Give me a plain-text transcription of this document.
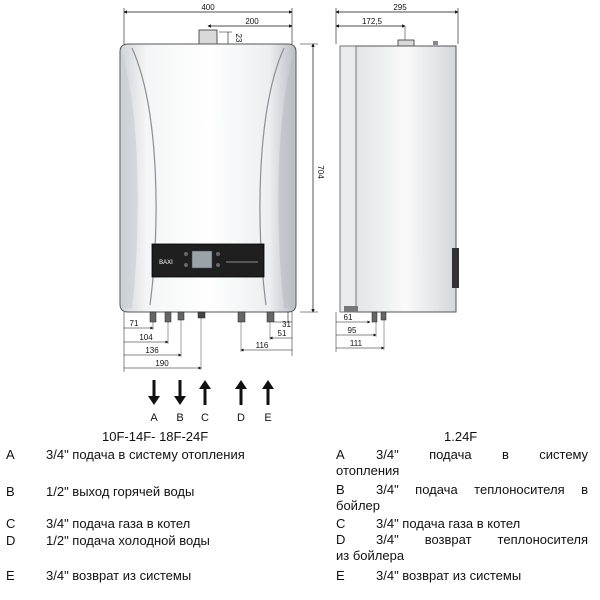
400
200
23
BAXI
704
71
104
136
190
116
51
31
295
172,5
61
95
111
A B C	D E
10F-14F- 18F-24F	1.24F
A 3/4" подача в систему отопления
B 1/2" выход горячей воды
C 3/4" подача газа в котел
D 1/2" подача холодной воды
E 3/4" возврат из системы
A 3/4" подача в системy
отопления
B 3/4" подача теплоносителя в
бойлер
C 3/4" подача газа в котел
D 3/4" возврат теплоносителя
из бойлера
E 3/4" возврат из системы
